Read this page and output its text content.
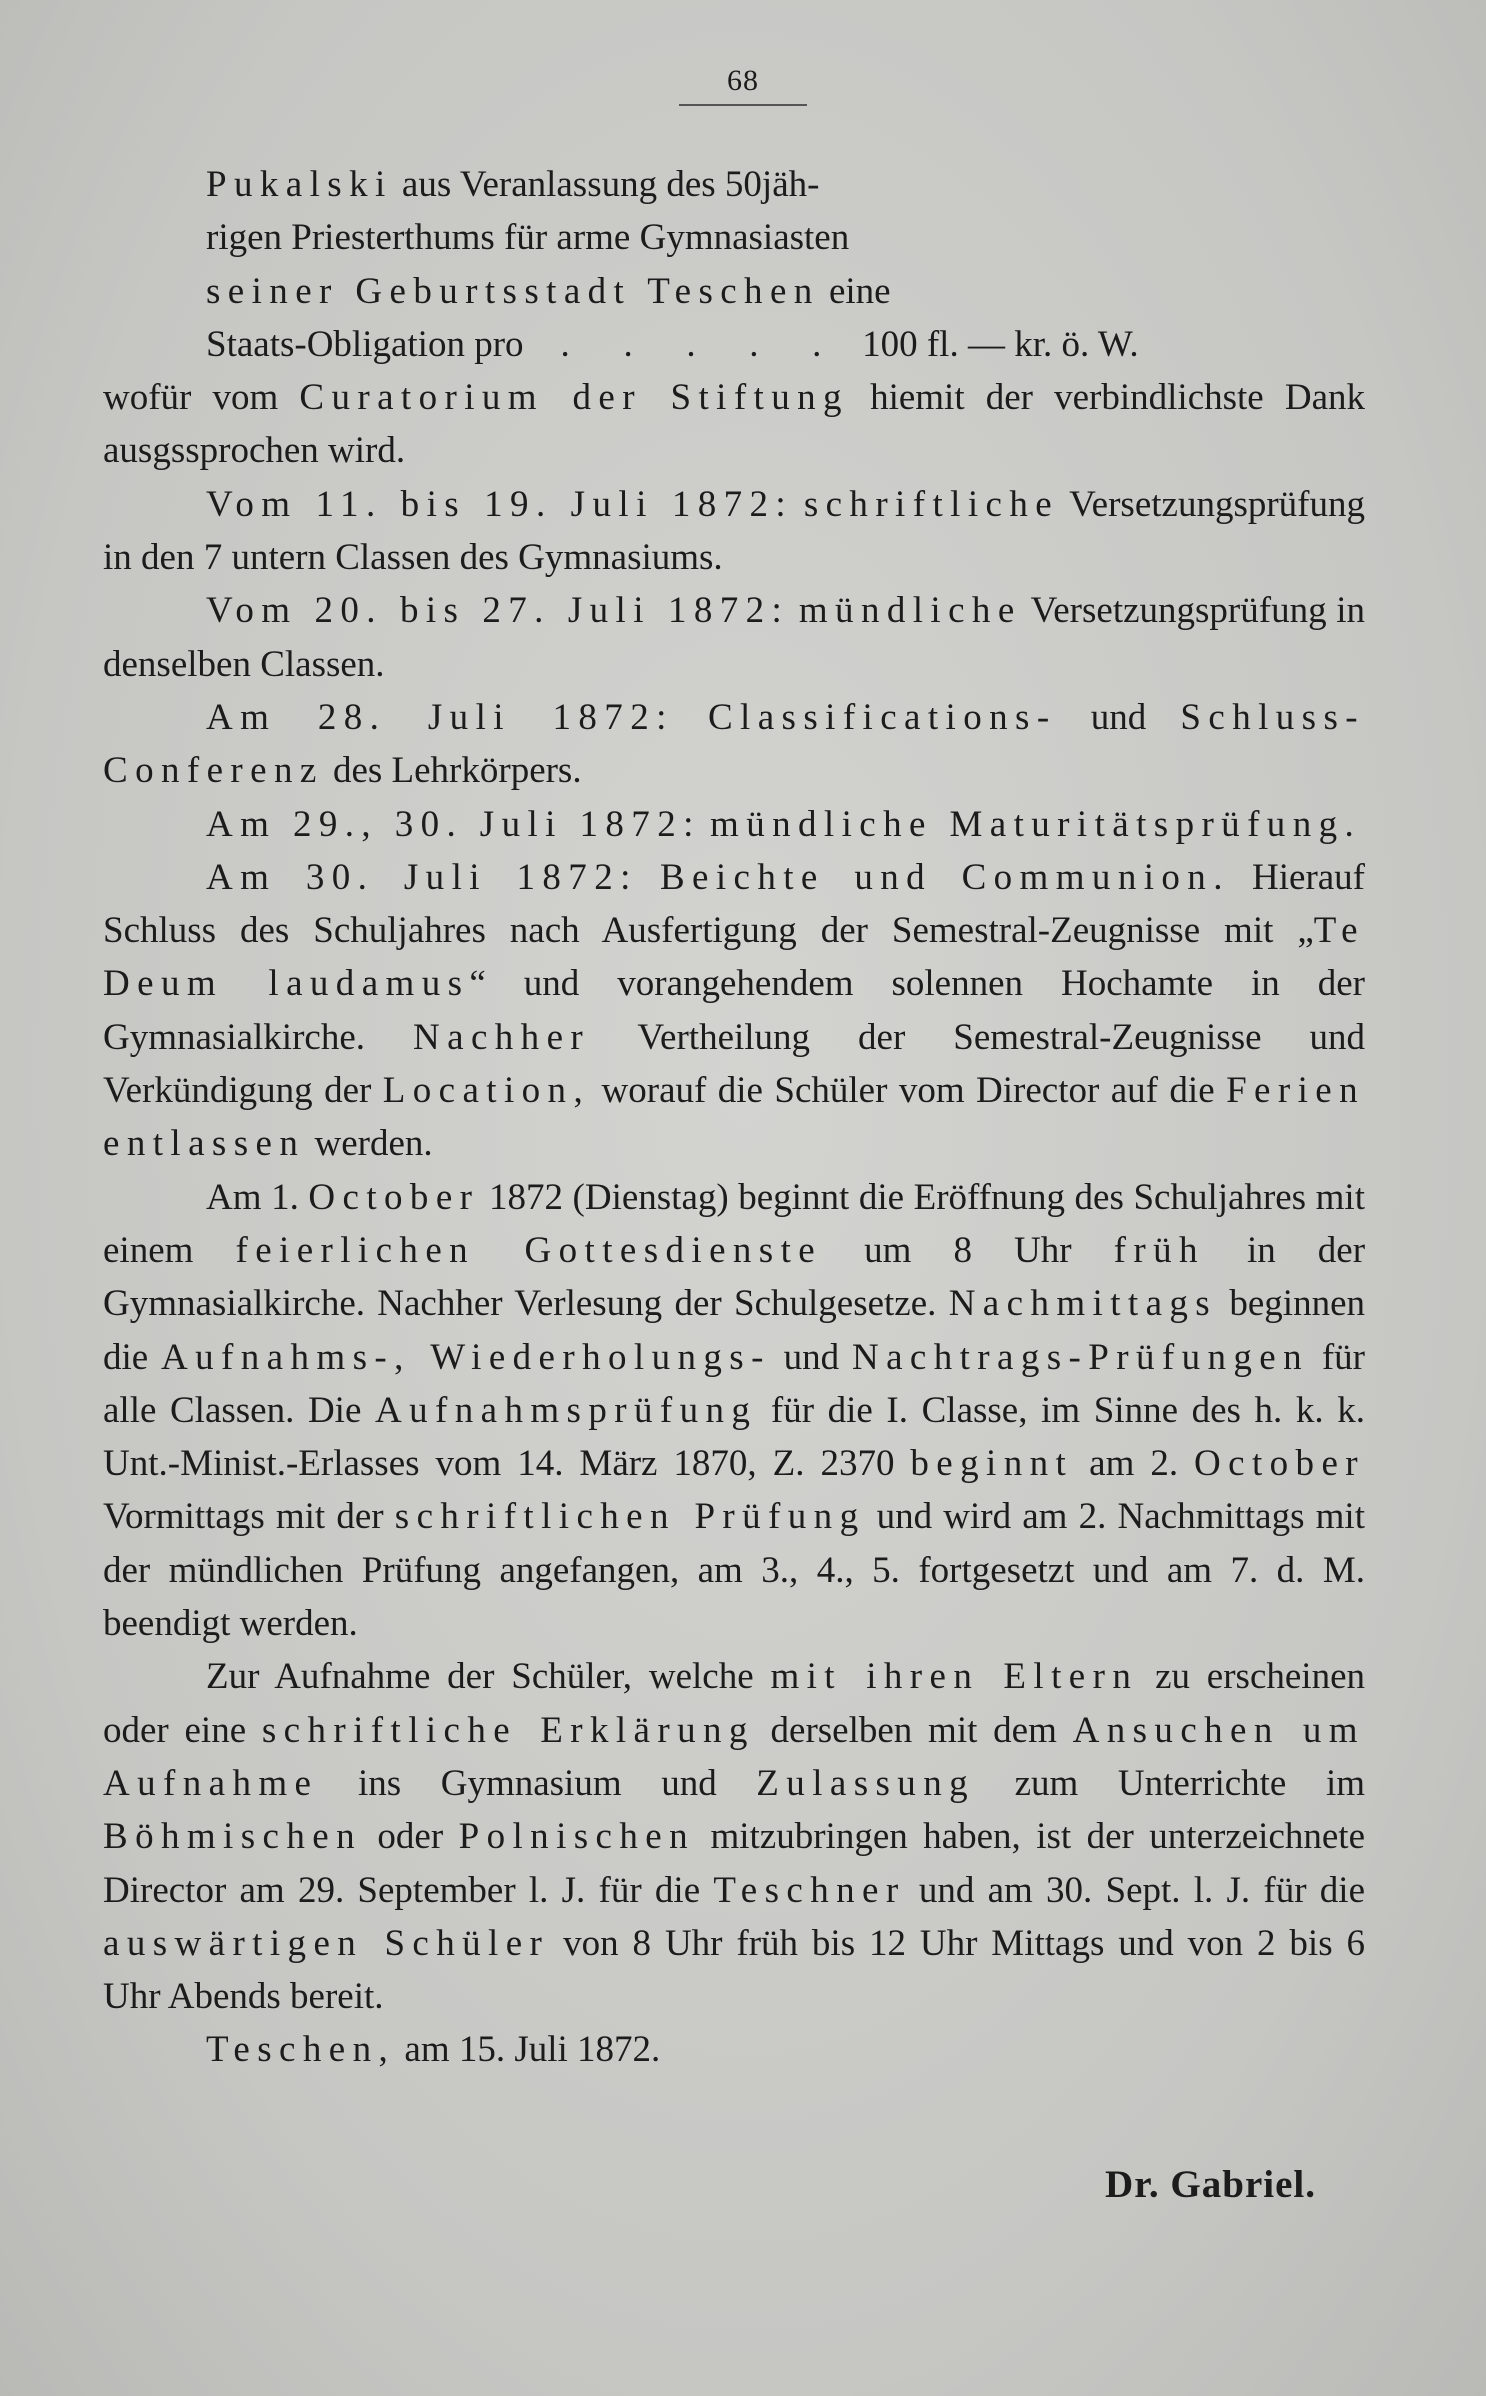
68

Pukalski aus Veranlassung des 50jäh-
rigen Priesterthums für arme Gymnasiasten
seiner Geburtsstadt Teschen eine
Staats-Obligation pro . . . . . 100 fl. — kr. ö. W.
wofür vom Curatorium der Stiftung hiemit der verbindlichste Dank ausgssprochen wird.

Vom 11. bis 19. Juli 1872: schriftliche Versetzungsprüfung in den 7 untern Classen des Gymnasiums.

Vom 20. bis 27. Juli 1872: mündliche Versetzungsprüfung in denselben Classen.

Am 28. Juli 1872: Classifications- und Schluss-Conferenz des Lehrkörpers.

Am 29., 30. Juli 1872: mündliche Maturitätsprüfung.

Am 30. Juli 1872: Beichte und Communion. Hierauf Schluss des Schuljahres nach Ausfertigung der Semestral-Zeugnisse mit „Te Deum laudamus“ und vorangehendem solennen Hochamte in der Gymnasialkirche. Nachher Vertheilung der Semestral-Zeugnisse und Verkündigung der Location, worauf die Schüler vom Director auf die Ferien entlassen werden.

Am 1. October 1872 (Dienstag) beginnt die Eröffnung des Schuljahres mit einem feierlichen Gottesdienste um 8 Uhr früh in der Gymnasialkirche. Nachher Verlesung der Schulgesetze. Nachmittags beginnen die Aufnahms-, Wiederholungs- und Nachtrags-Prüfungen für alle Classen. Die Aufnahmsprüfung für die I. Classe, im Sinne des h. k. k. Unt.-Minist.-Erlasses vom 14. März 1870, Z. 2370 beginnt am 2. October Vormittags mit der schriftlichen Prüfung und wird am 2. Nachmittags mit der mündlichen Prüfung angefangen, am 3., 4., 5. fortgesetzt und am 7. d. M. beendigt werden.

Zur Aufnahme der Schüler, welche mit ihren Eltern zu erscheinen oder eine schriftliche Erklärung derselben mit dem Ansuchen um Aufnahme ins Gymnasium und Zulassung zum Unterrichte im Böhmischen oder Polnischen mitzubringen haben, ist der unterzeichnete Director am 29. September l. J. für die Teschner und am 30. Sept. l. J. für die auswärtigen Schüler von 8 Uhr früh bis 12 Uhr Mittags und von 2 bis 6 Uhr Abends bereit.

Teschen, am 15. Juli 1872.

Dr. Gabriel.
